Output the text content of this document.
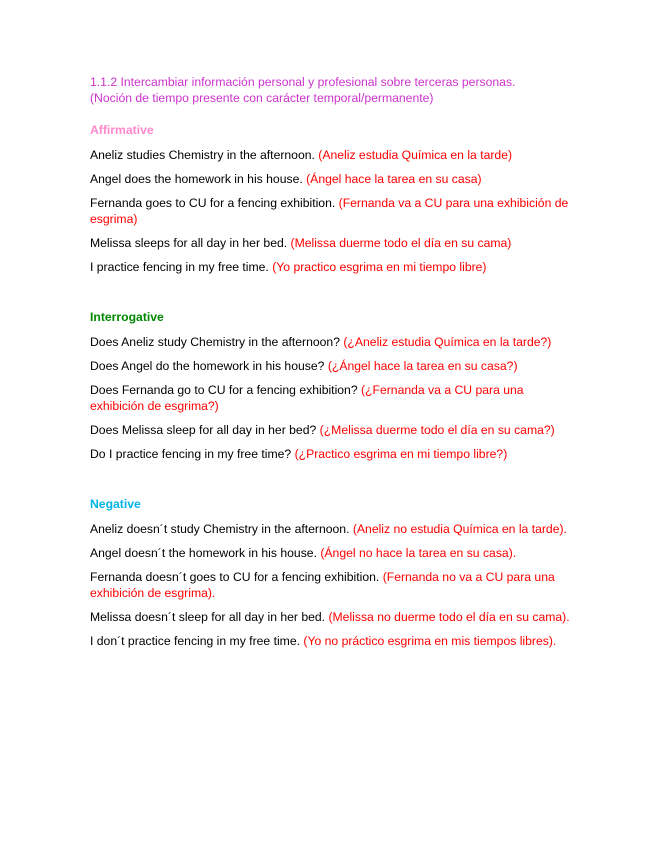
1.1.2 Intercambiar información personal y profesional sobre terceras personas.
(Noción de tiempo presente con carácter temporal/permanente)
Affirmative
Aneliz studies Chemistry in the afternoon. (Aneliz estudia Química en la tarde)
Angel does the homework in his house. (Ángel hace la tarea en su casa)
Fernanda goes to CU for a fencing exhibition. (Fernanda va a CU para una exhibición de esgrima)
Melissa sleeps for all day in her bed. (Melissa duerme todo el día en su cama)
I practice fencing in my free time. (Yo practico esgrima en mi tiempo libre)
Interrogative
Does Aneliz study Chemistry in the afternoon? (¿Aneliz estudia Química en la tarde?)
Does Angel do the homework in his house? (¿Ángel hace la tarea en su casa?)
Does Fernanda go to CU for a fencing exhibition? (¿Fernanda va a CU para una exhibición de esgrima?)
Does Melissa sleep for all day in her bed? (¿Melissa duerme todo el día en su cama?)
Do I practice fencing in my free time? (¿Practico esgrima en mi tiempo libre?)
Negative
Aneliz doesn´t study Chemistry in the afternoon. (Aneliz no estudia Química en la tarde).
Angel doesn´t the homework in his house. (Ángel no hace la tarea en su casa).
Fernanda doesn´t goes to CU for a fencing exhibition. (Fernanda no va a CU para una exhibición de esgrima).
Melissa doesn´t sleep for all day in her bed. (Melissa no duerme todo el día en su cama).
I don´t practice fencing in my free time. (Yo no práctico esgrima en mis tiempos libres).
